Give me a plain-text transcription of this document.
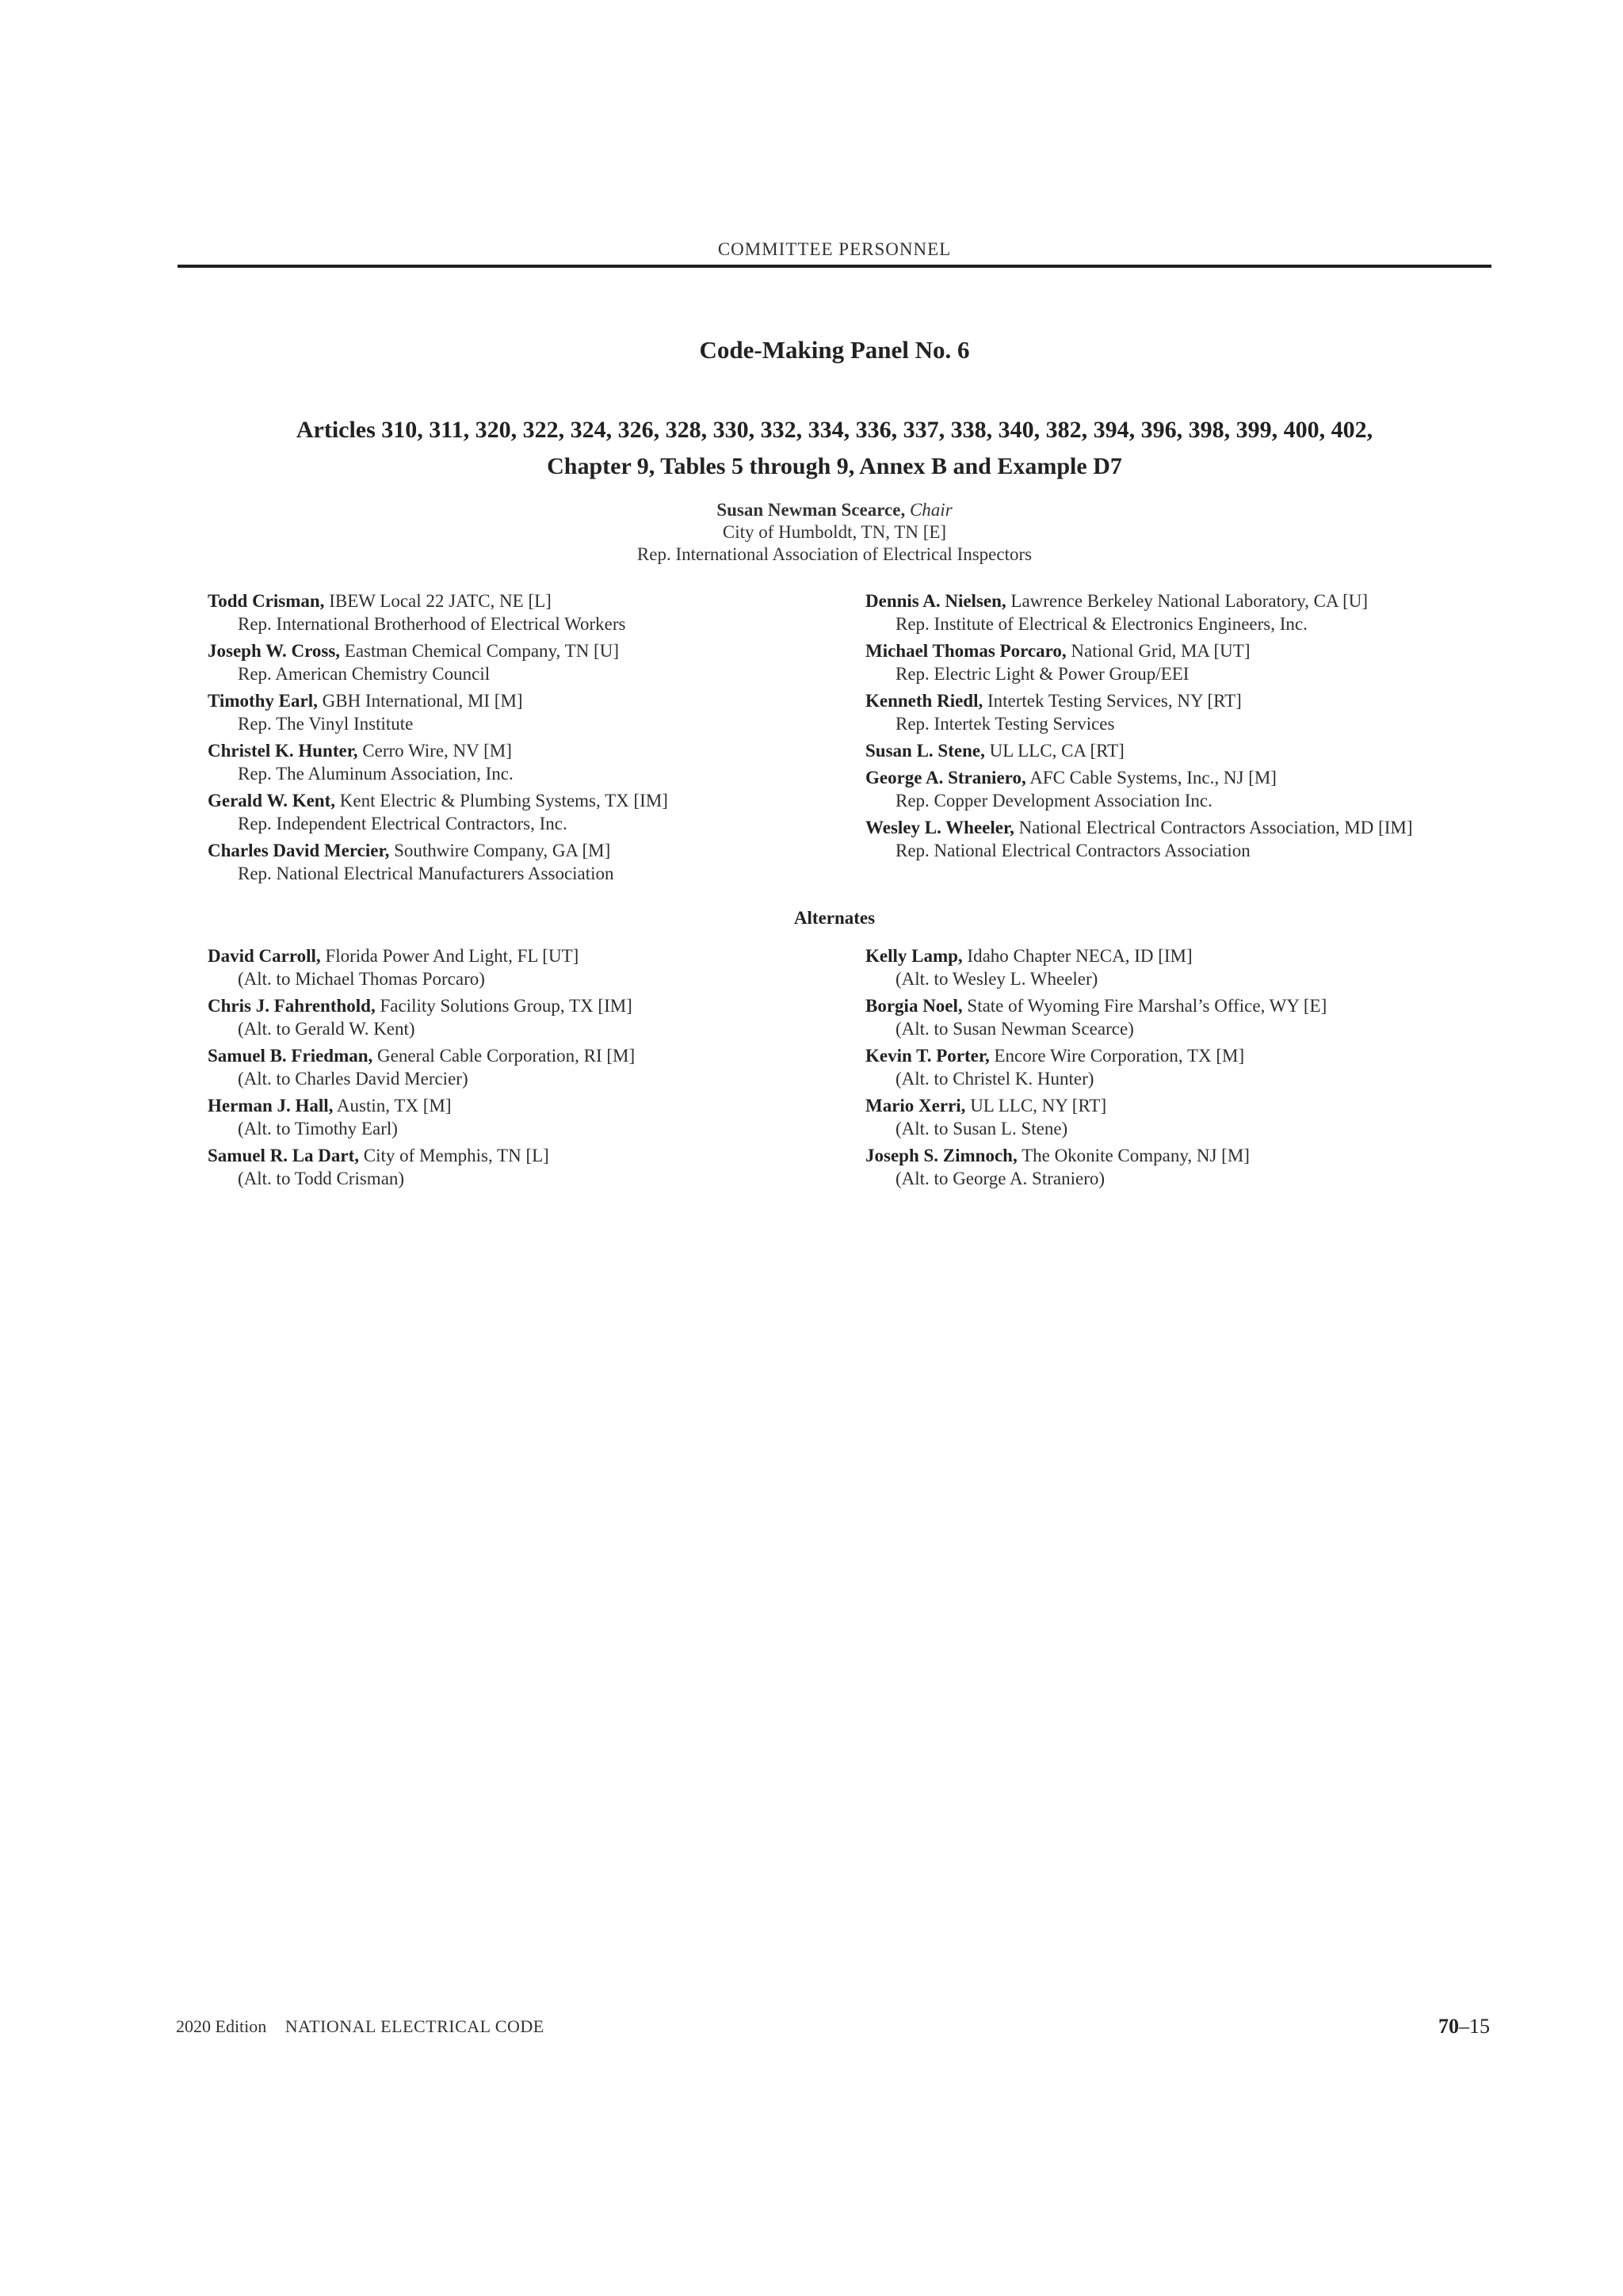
COMMITTEE PERSONNEL
Code-Making Panel No. 6
Articles 310, 311, 320, 322, 324, 326, 328, 330, 332, 334, 336, 337, 338, 340, 382, 394, 396, 398, 399, 400, 402,
Chapter 9, Tables 5 through 9, Annex B and Example D7
Susan Newman Scearce, Chair
City of Humboldt, TN, TN [E]
Rep. International Association of Electrical Inspectors
Todd Crisman, IBEW Local 22 JATC, NE [L]
Rep. International Brotherhood of Electrical Workers
Joseph W. Cross, Eastman Chemical Company, TN [U]
Rep. American Chemistry Council
Timothy Earl, GBH International, MI [M]
Rep. The Vinyl Institute
Christel K. Hunter, Cerro Wire, NV [M]
Rep. The Aluminum Association, Inc.
Gerald W. Kent, Kent Electric & Plumbing Systems, TX [IM]
Rep. Independent Electrical Contractors, Inc.
Charles David Mercier, Southwire Company, GA [M]
Rep. National Electrical Manufacturers Association
Dennis A. Nielsen, Lawrence Berkeley National Laboratory, CA [U]
Rep. Institute of Electrical & Electronics Engineers, Inc.
Michael Thomas Porcaro, National Grid, MA [UT]
Rep. Electric Light & Power Group/EEI
Kenneth Riedl, Intertek Testing Services, NY [RT]
Rep. Intertek Testing Services
Susan L. Stene, UL LLC, CA [RT]
George A. Straniero, AFC Cable Systems, Inc., NJ [M]
Rep. Copper Development Association Inc.
Wesley L. Wheeler, National Electrical Contractors Association, MD [IM]
Rep. National Electrical Contractors Association
Alternates
David Carroll, Florida Power And Light, FL [UT]
(Alt. to Michael Thomas Porcaro)
Chris J. Fahrenthold, Facility Solutions Group, TX [IM]
(Alt. to Gerald W. Kent)
Samuel B. Friedman, General Cable Corporation, RI [M]
(Alt. to Charles David Mercier)
Herman J. Hall, Austin, TX [M]
(Alt. to Timothy Earl)
Samuel R. La Dart, City of Memphis, TN [L]
(Alt. to Todd Crisman)
Kelly Lamp, Idaho Chapter NECA, ID [IM]
(Alt. to Wesley L. Wheeler)
Borgia Noel, State of Wyoming Fire Marshal’s Office, WY [E]
(Alt. to Susan Newman Scearce)
Kevin T. Porter, Encore Wire Corporation, TX [M]
(Alt. to Christel K. Hunter)
Mario Xerri, UL LLC, NY [RT]
(Alt. to Susan L. Stene)
Joseph S. Zimnoch, The Okonite Company, NJ [M]
(Alt. to George A. Straniero)
2020 Edition NATIONAL ELECTRICAL CODE	70–15
